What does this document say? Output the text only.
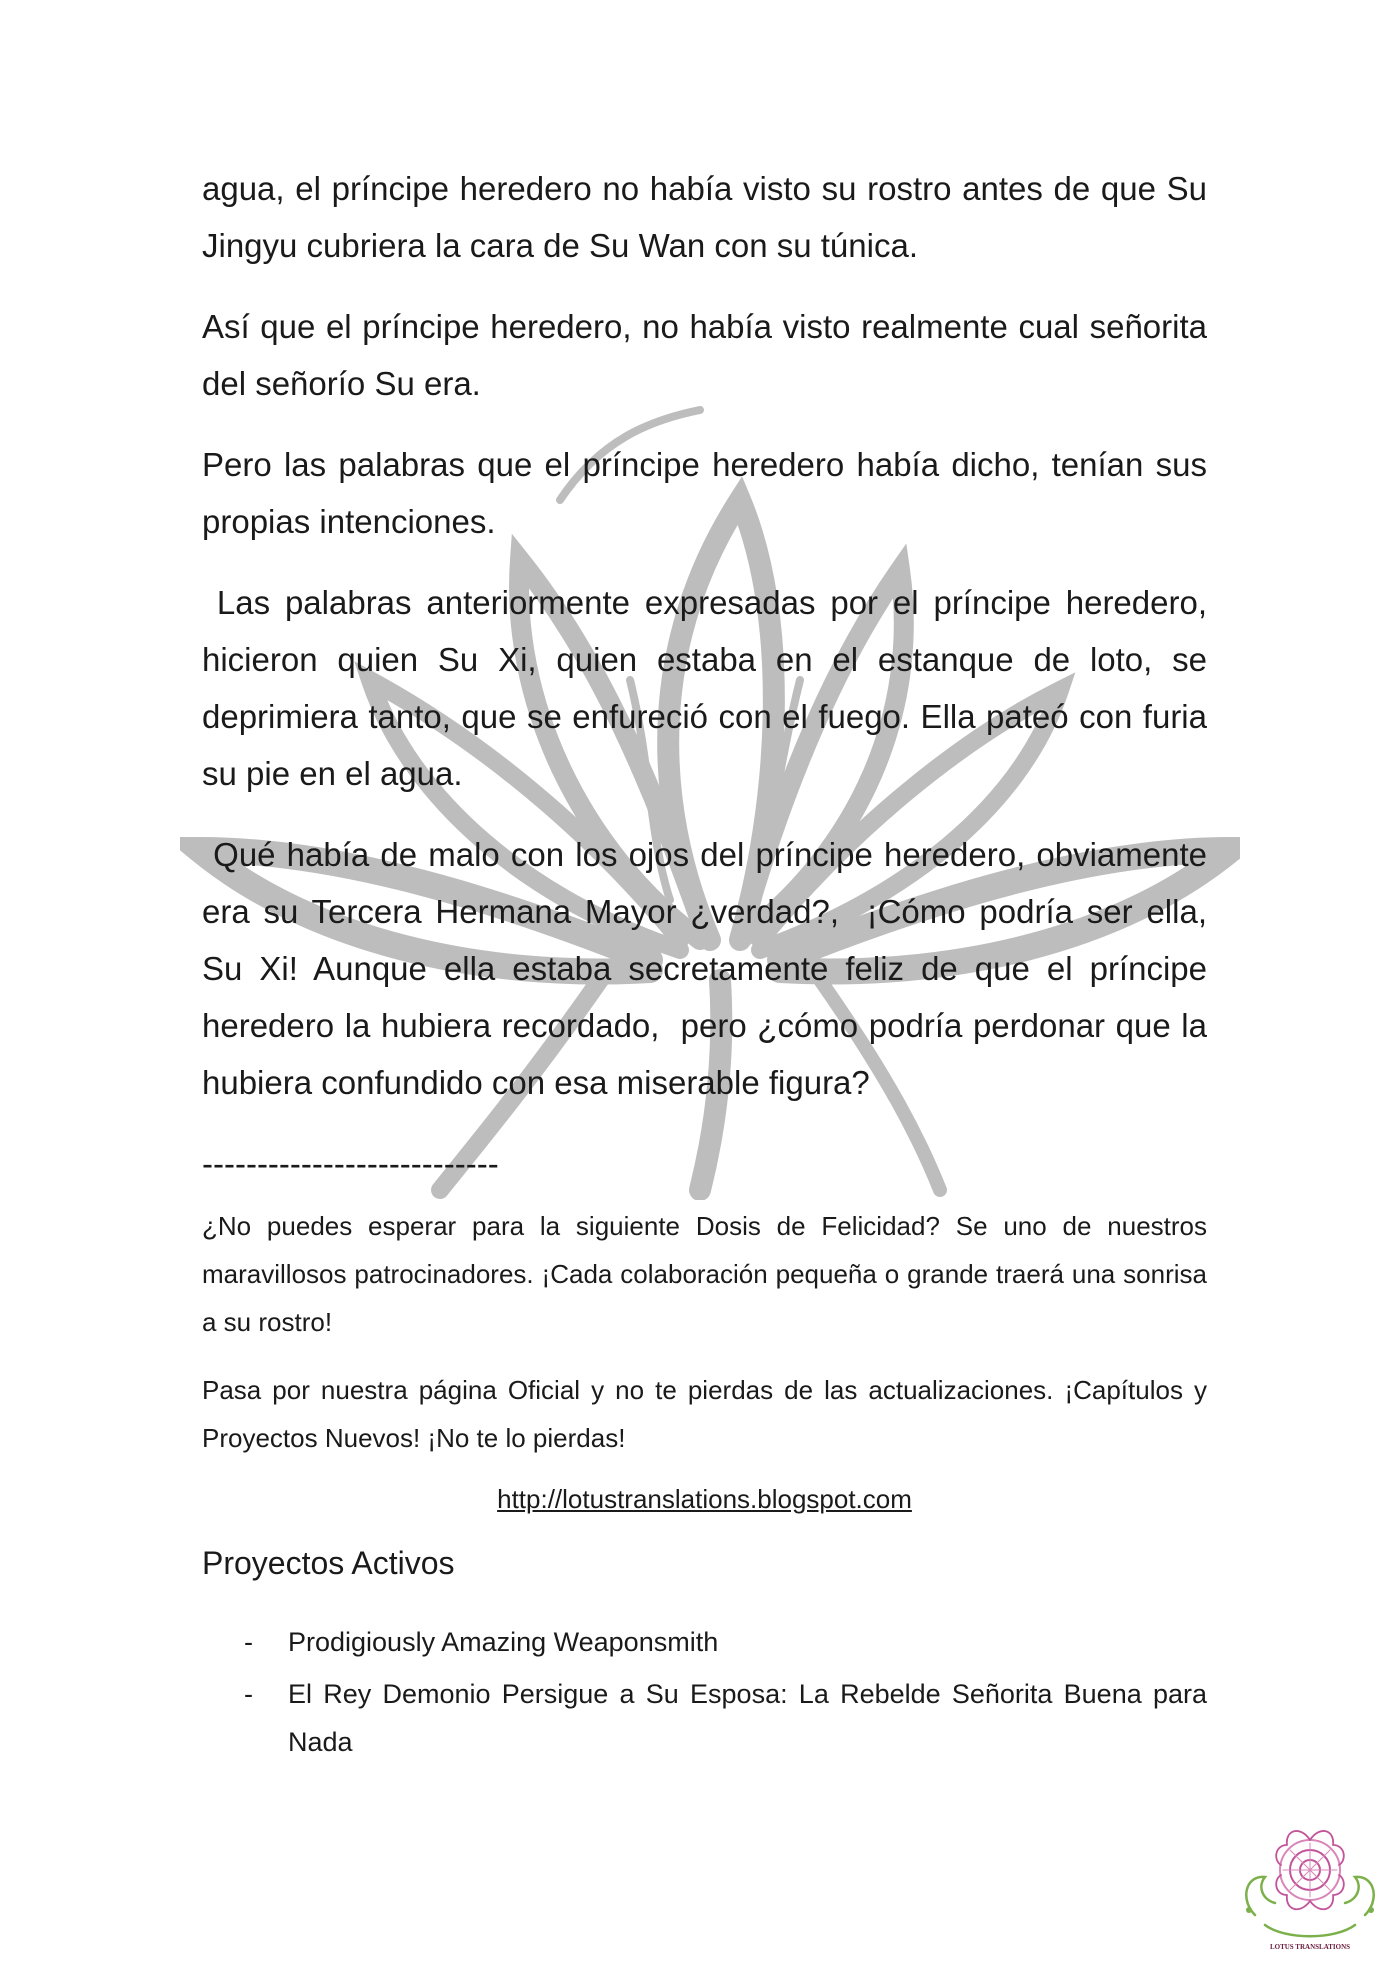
agua, el príncipe heredero no había visto su rostro antes de que Su Jingyu cubriera la cara de Su Wan con su túnica.

Así que el príncipe heredero, no había visto realmente cual señorita del señorío Su era.

Pero las palabras que el príncipe heredero había dicho, tenían sus propias intenciones.

Las palabras anteriormente expresadas por el príncipe heredero, hicieron quien Su Xi, quien estaba en el estanque de loto, se deprimiera tanto, que se enfureció con el fuego. Ella pateó con furia su pie en el agua.

Qué había de malo con los ojos del príncipe heredero, obviamente era su Tercera Hermana Mayor ¿verdad?,  ¡Cómo podría ser ella, Su Xi! Aunque ella estaba secretamente feliz de que el príncipe heredero la hubiera recordado,  pero ¿cómo podría perdonar que la hubiera confundido con esa miserable figura?

---------------------------

¿No puedes esperar para la siguiente Dosis de Felicidad? Se uno de nuestros maravillosos patrocinadores. ¡Cada colaboración pequeña o grande traerá una sonrisa a su rostro!

Pasa por nuestra página Oficial y no te pierdas de las actualizaciones. ¡Capítulos y Proyectos Nuevos! ¡No te lo pierdas!

http://lotustranslations.blogspot.com
Proyectos Activos
- Prodigiously Amazing Weaponsmith
- El Rey Demonio Persigue a Su Esposa: La Rebelde Señorita Buena para Nada
LOTUS TRANSLATIONS
